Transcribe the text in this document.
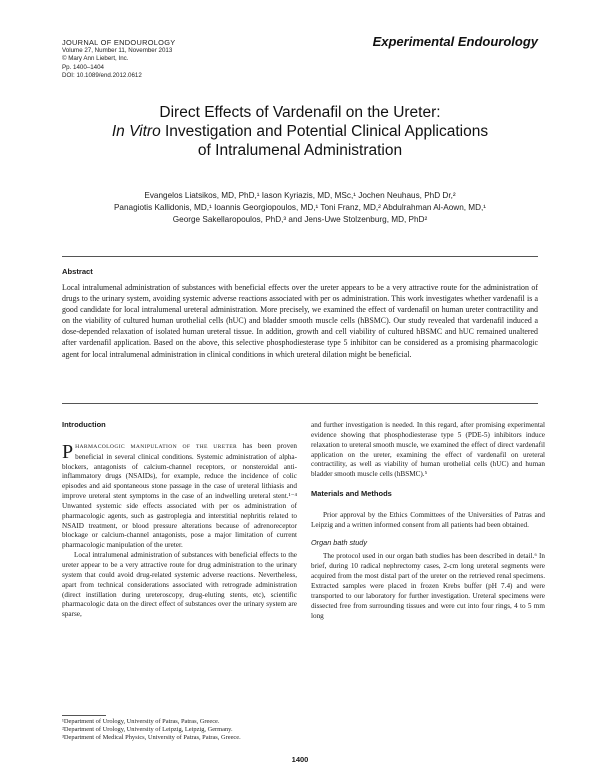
JOURNAL OF ENDOUROLOGY
Volume 27, Number 11, November 2013
© Mary Ann Liebert, Inc.
Pp. 1400–1404
DOI: 10.1089/end.2012.0612
Experimental Endourology
Direct Effects of Vardenafil on the Ureter:
In Vitro Investigation and Potential Clinical Applications
of Intralumenal Administration
Evangelos Liatsikos, MD, PhD,¹ Iason Kyriazis, MD, MSc,¹ Jochen Neuhaus, PhD Dr,²
Panagiotis Kallidonis, MD,¹ Ioannis Georgiopoulos, MD,¹ Toni Franz, MD,² Abdulrahman Al-Aown, MD,¹
George Sakellaropoulos, PhD,³ and Jens-Uwe Stolzenburg, MD, PhD²
Abstract
Local intralumenal administration of substances with beneficial effects over the ureter appears to be a very attractive route for the administration of drugs to the urinary system, avoiding systemic adverse reactions associated with per os administration. This work investigates whether vardenafil is a good candidate for local intralumenal ureteral administration. More precisely, we examined the effect of vardenafil on human ureter contractility and on the viability of cultured human urothelial cells (hUC) and bladder smooth muscle cells (hBSMC). Our study revealed that vardenafil induced a dose-depended relaxation of isolated human ureteral tissue. In addition, growth and cell viability of cultured hBSMC and hUC remained unaltered after vardenafil application. Based on the above, this selective phosphodiesterase type 5 inhibitor can be considered as a promising pharmacologic agent for local intralumenal administration in clinical conditions in which ureteral dilation might be beneficial.
Introduction

PHARMACOLOGIC MANIPULATION OF THE URETER has been proven beneficial in several clinical conditions. Systemic administration of alpha-blockers, antagonists of calcium-channel receptors, or nonsteroidal anti-inflammatory drugs (NSAIDs), for example, reduce the incidence of colic episodes and aid spontaneous stone passage in the case of ureteral lithiasis and improve ureteral stent symptoms in the case of an indwelling ureteral stent.¹⁻⁴ Unwanted systemic side effects associated with per os administration of pharmacologic agents, such as gastroplegia and interstitial nephritis related to NSAID treatment, or blood pressure alterations because of adrenoreceptor blockage or calcium-channel antagonists, pose a major limitation of current pharmacologic manipulation of the ureter.

Local intralumenal administration of substances with beneficial effects to the ureter appear to be a very attractive route for drug administration to the urinary system that could avoid drug-related systemic adverse reactions. Nevertheless, apart from technical considerations associated with retrograde administration (direct instillation during ureteroscopy, drug-eluting stents, etc), scientific pharmacologic data on the direct effect of substances over the urinary system are sparse,

and further investigation is needed. In this regard, after promising experimental evidence showing that phosphodiesterase type 5 (PDE-5) inhibitors induce relaxation to ureteral smooth muscle, we examined the effect of direct vardenafil application on the ureter, examining the effect of vardenafil on ureteral contractility, as well as viability of human urothelial cells (hUC) and human bladder smooth muscle cells (hBSMC).⁵

Materials and Methods

Prior approval by the Ethics Committees of the Universities of Patras and Leipzig and a written informed consent from all patients had been obtained.

Organ bath study

The protocol used in our organ bath studies has been described in detail.⁶ In brief, during 10 radical nephrectomy cases, 2-cm long ureteral segments were acquired from the most distal part of the ureter on the retrieved renal specimens. Extracted samples were placed in frozen Krebs buffer (pH 7.4) and were transported to our laboratory for further investigation. Ureteral specimens were dissected free from surrounding tissues and were cut into four rings, 4 to 5 mm long

¹Department of Urology, University of Patras, Patras, Greece.
²Department of Urology, University of Leipzig, Leipzig, Germany.
³Department of Medical Physics, University of Patras, Patras, Greece.
1400
